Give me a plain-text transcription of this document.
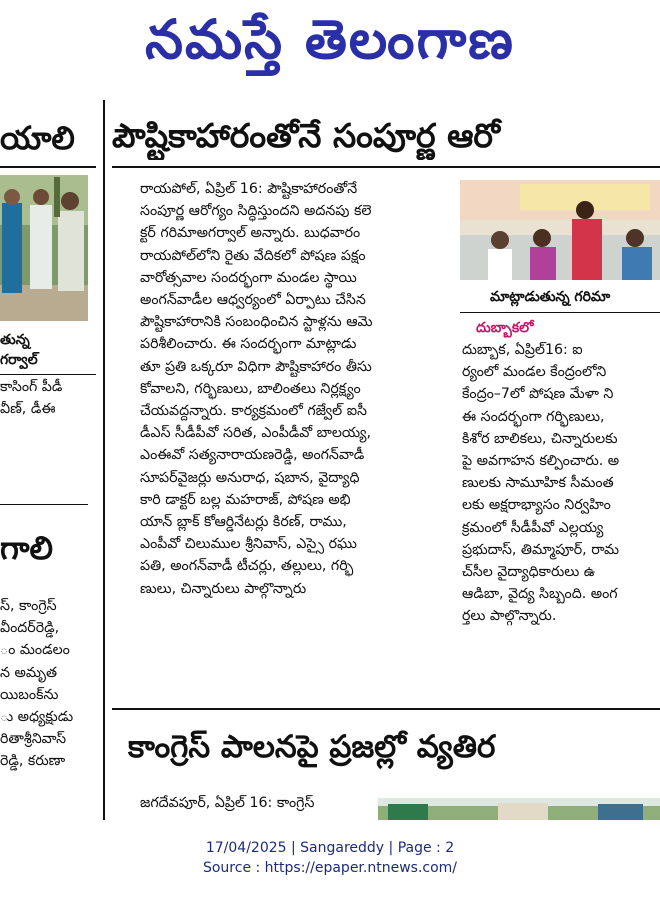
నమస్తే తెలంగాణ
యాలి
తున్న
గర్వాల్
కాసింగ్ పీడీ
వీణ్, డీఈ
గాలి
స్, కాంగ్రెస్
వీందర్‌రెడ్డి,
ం మండలం
న అమృత
యిబంక్‌ను
ు అధ్యక్షుడు
రితాశ్రీనివాస్
రెడ్డి, కరుణా
పౌష్టికాహారంతోనే సంపూర్ణ ఆరో
రాయపోల్, ఏప్రిల్ 16: పౌష్టికాహారంతోనే
సంపూర్ణ ఆరోగ్యం సిద్ధిస్తుందని అదనపు కలె
క్టర్ గరిమాఅగర్వాల్ అన్నారు. బుధవారం
రాయపోల్‌లోని రైతు వేదికలో పోషణ పక్షం
వారోత్సవాల సందర్భంగా మండల స్థాయి
అంగన్‌వాడీల ఆధ్వర్యంలో ఏర్పాటు చేసిన
పౌష్టికాహారానికి సంబంధించిన స్టాళ్లను ఆమె
పరిశీలించారు. ఈ సందర్భంగా మాట్లాడు
తూ ప్రతి ఒక్కరూ విధిగా పౌష్టికాహారం తీసు
కోవాలని, గర్భిణులు, బాలింతలు నిర్లక్ష్యం
చేయవద్దన్నారు. కార్యక్రమంలో గజ్వేల్ ఐసీ
డీఎస్ సీడీపీవో సరిత, ఎంపీడీవో బాలయ్య,
ఎంఈవో సత్యనారాయణరెడ్డి, అంగన్‌వాడీ
సూపర్‌వైజర్లు అనురాధ, షబాన, వైద్యాధి
కారి డాక్టర్ బల్ల మహరాజ్, పోషణ అభి
యాన్ బ్లాక్ కోఆర్డినేటర్లు కిరణ్, రాము,
ఎంపీవో చిలుముల శ్రీనివాస్, ఎస్సై రఘు
పతి, అంగన్‌వాడీ టీచర్లు, తల్లులు, గర్భి
ణులు, చిన్నారులు పాల్గొన్నారు
మాట్లాడుతున్న గరిమా
దుబ్బాకలో
దుబ్బాక, ఏప్రిల్16: ఐ
ర్యంలో మండల కేంద్రంలోని
కేంద్రం–7లో పోషణ మేళా ని
ఈ సందర్భంగా గర్భిణులు,
కిశోర బాలికలు, చిన్నారులకు
పై అవగాహన కల్పించారు. అ
ణులకు సామూహిక సీమంత
లకు అక్షరాభ్యాసం నిర్వహిం
క్రమంలో సీడీపీవో ఎల్లయ్య
ప్రభుదాస్, తిమ్మాపూర్, రామ
చ్‌సీల వైద్యాధికారులు ఉ
ఆడిబా, వైద్య సిబ్బంది. అంగ
ర్తలు పాల్గొన్నారు.
కాంగ్రెస్ పాలనపై ప్రజల్లో వ్యతిర
జగదేవపూర్, ఏప్రిల్ 16: కాంగ్రెస్
17/04/2025 | Sangareddy | Page : 2
Source : https://epaper.ntnews.com/
